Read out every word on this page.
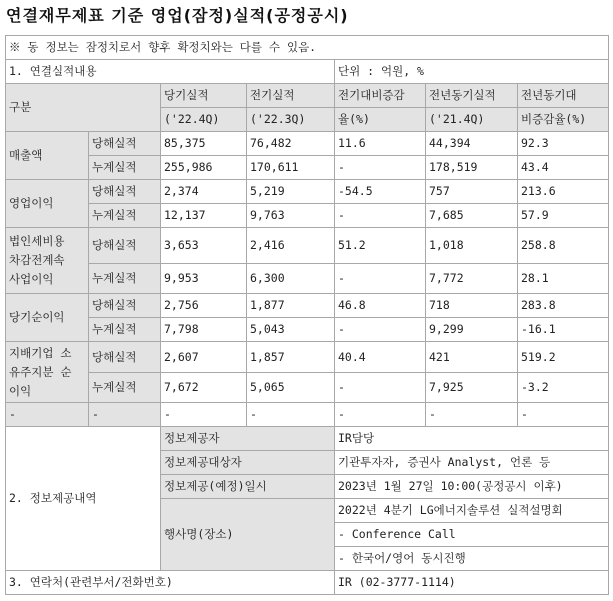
연결재무제표 기준 영업(잠정)실적(공정공시)
※ 동 정보는 잠정치로서 향후 확정치와는 다를 수 있음.						
1. 연결실적내용				단위 : 억원, %		
구분		당기실적	전기실적	전기대비증감	전년동기실적	전년동기대
		('22.4Q)	('22.3Q)	율(%)	('21.4Q)	비증감율(%)
매출액	당해실적	85,375	76,482	11.6	44,394	92.3
	누계실적	255,986	170,611	-	178,519	43.4
영업이익	당해실적	2,374	5,219	-54.5	757	213.6
	누계실적	12,137	9,763	-	7,685	57.9
법인세비용
차감전계속
사업이익	당해실적	3,653	2,416	51.2	1,018	258.8
	누계실적	9,953	6,300	-	7,772	28.1
당기순이익	당해실적	2,756	1,877	46.8	718	283.8
	누계실적	7,798	5,043	-	9,299	-16.1
지배기업 소
유주지분 순
이익	당해실적	2,607	1,857	40.4	421	519.2
	누계실적	7,672	5,065	-	7,925	-3.2
-	-	-	-	-	-	-
2. 정보제공내역		정보제공자		IR담당		
		정보제공대상자		기관투자자, 증권사 Analyst, 언론 등		
		정보제공(예정)일시		2023년 1월 27일 10:00(공정공시 이후)		
		행사명(장소)		2022년 4분기 LG에너지솔루션 실적설명회		
				- Conference Call		
				- 한국어/영어 동시진행		
3. 연락처(관련부서/전화번호)				IR (02-3777-1114)		
